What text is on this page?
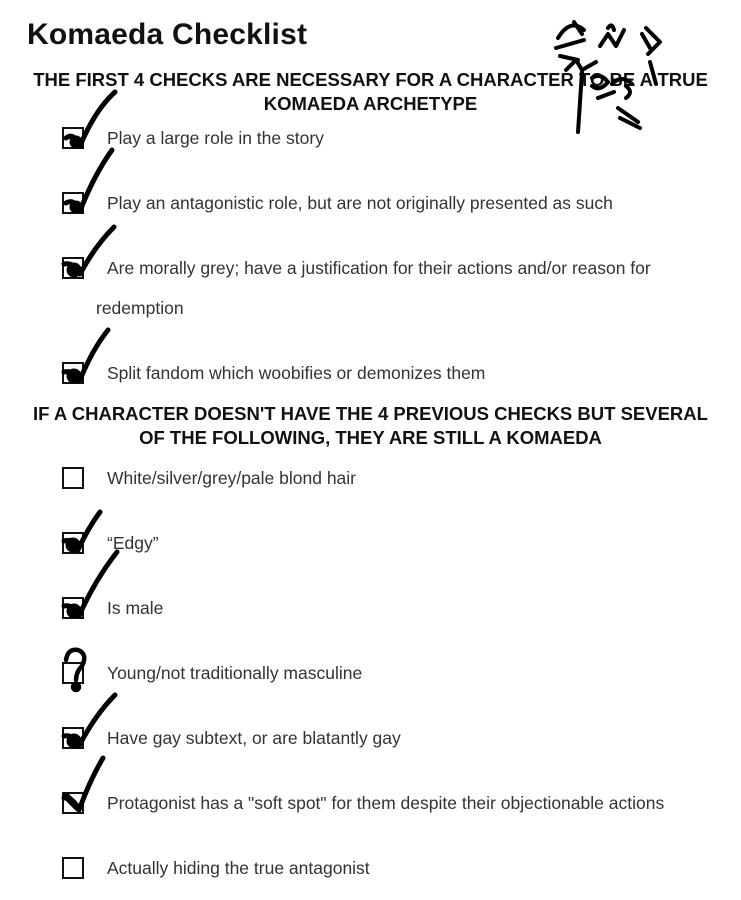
Komaeda Checklist
THE FIRST 4 CHECKS ARE NECESSARY FOR A CHARACTER TO BE A TRUE
KOMAEDA ARCHETYPE
Play a large role in the story
Play an antagonistic role, but are not originally presented as such
Are morally grey; have a justification for their actions and/or reason for
redemption
Split fandom which woobifies or demonizes them
IF A CHARACTER DOESN'T HAVE THE 4 PREVIOUS CHECKS BUT SEVERAL
OF THE FOLLOWING, THEY ARE STILL A KOMAEDA
White/silver/grey/pale blond hair
“Edgy”
Is male
Young/not traditionally masculine
Have gay subtext, or are blatantly gay
Protagonist has a "soft spot" for them despite their objectionable actions
Actually hiding the true antagonist
